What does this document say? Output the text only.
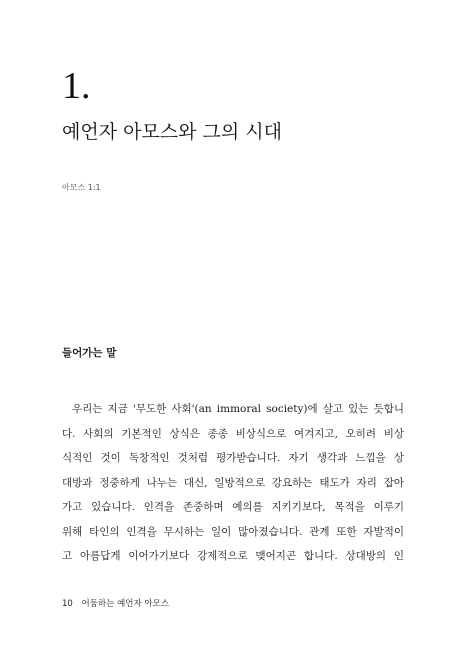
1.
예언자 아모스와 그의 시대
아모스 1:1
들어가는 말
우리는 지금 '무도한 사회'(an immoral society)에 살고 있는 듯합니
다. 사회의 기본적인 상식은 종종 비상식으로 여겨지고, 오히려 비상
식적인 것이 독창적인 것처럼 평가받습니다. 자기 생각과 느낌을 상
대방과 정중하게 나누는 대신, 일방적으로 강요하는 태도가 자리 잡아
가고 있습니다. 인격을 존중하며 예의를 지키기보다, 목적을 이루기
위해 타인의 인격을 무시하는 일이 많아졌습니다. 관계 또한 자발적이
고 아름답게 이어가기보다 강제적으로 맺어지곤 합니다. 상대방의 인
10 어둠하는 예언자 아모스
